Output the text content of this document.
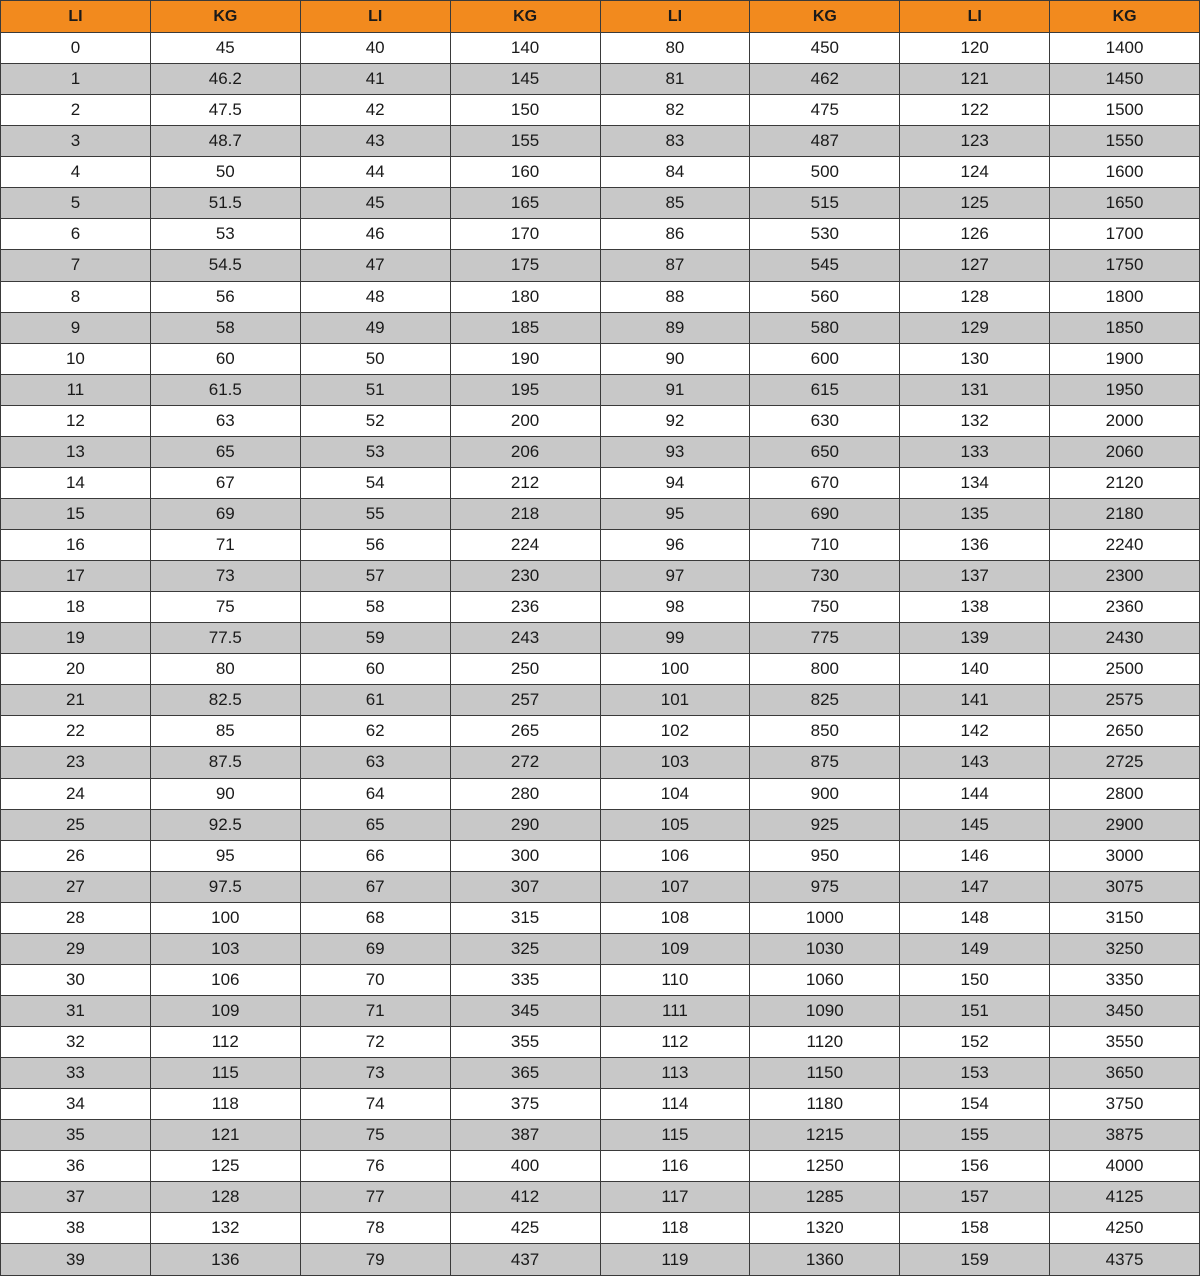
LI	KG	LI	KG	LI	KG	LI	KG
0	45	40	140	80	450	120	1400
1	46.2	41	145	81	462	121	1450
2	47.5	42	150	82	475	122	1500
3	48.7	43	155	83	487	123	1550
4	50	44	160	84	500	124	1600
5	51.5	45	165	85	515	125	1650
6	53	46	170	86	530	126	1700
7	54.5	47	175	87	545	127	1750
8	56	48	180	88	560	128	1800
9	58	49	185	89	580	129	1850
10	60	50	190	90	600	130	1900
11	61.5	51	195	91	615	131	1950
12	63	52	200	92	630	132	2000
13	65	53	206	93	650	133	2060
14	67	54	212	94	670	134	2120
15	69	55	218	95	690	135	2180
16	71	56	224	96	710	136	2240
17	73	57	230	97	730	137	2300
18	75	58	236	98	750	138	2360
19	77.5	59	243	99	775	139	2430
20	80	60	250	100	800	140	2500
21	82.5	61	257	101	825	141	2575
22	85	62	265	102	850	142	2650
23	87.5	63	272	103	875	143	2725
24	90	64	280	104	900	144	2800
25	92.5	65	290	105	925	145	2900
26	95	66	300	106	950	146	3000
27	97.5	67	307	107	975	147	3075
28	100	68	315	108	1000	148	3150
29	103	69	325	109	1030	149	3250
30	106	70	335	110	1060	150	3350
31	109	71	345	111	1090	151	3450
32	112	72	355	112	1120	152	3550
33	115	73	365	113	1150	153	3650
34	118	74	375	114	1180	154	3750
35	121	75	387	115	1215	155	3875
36	125	76	400	116	1250	156	4000
37	128	77	412	117	1285	157	4125
38	132	78	425	118	1320	158	4250
39	136	79	437	119	1360	159	4375
